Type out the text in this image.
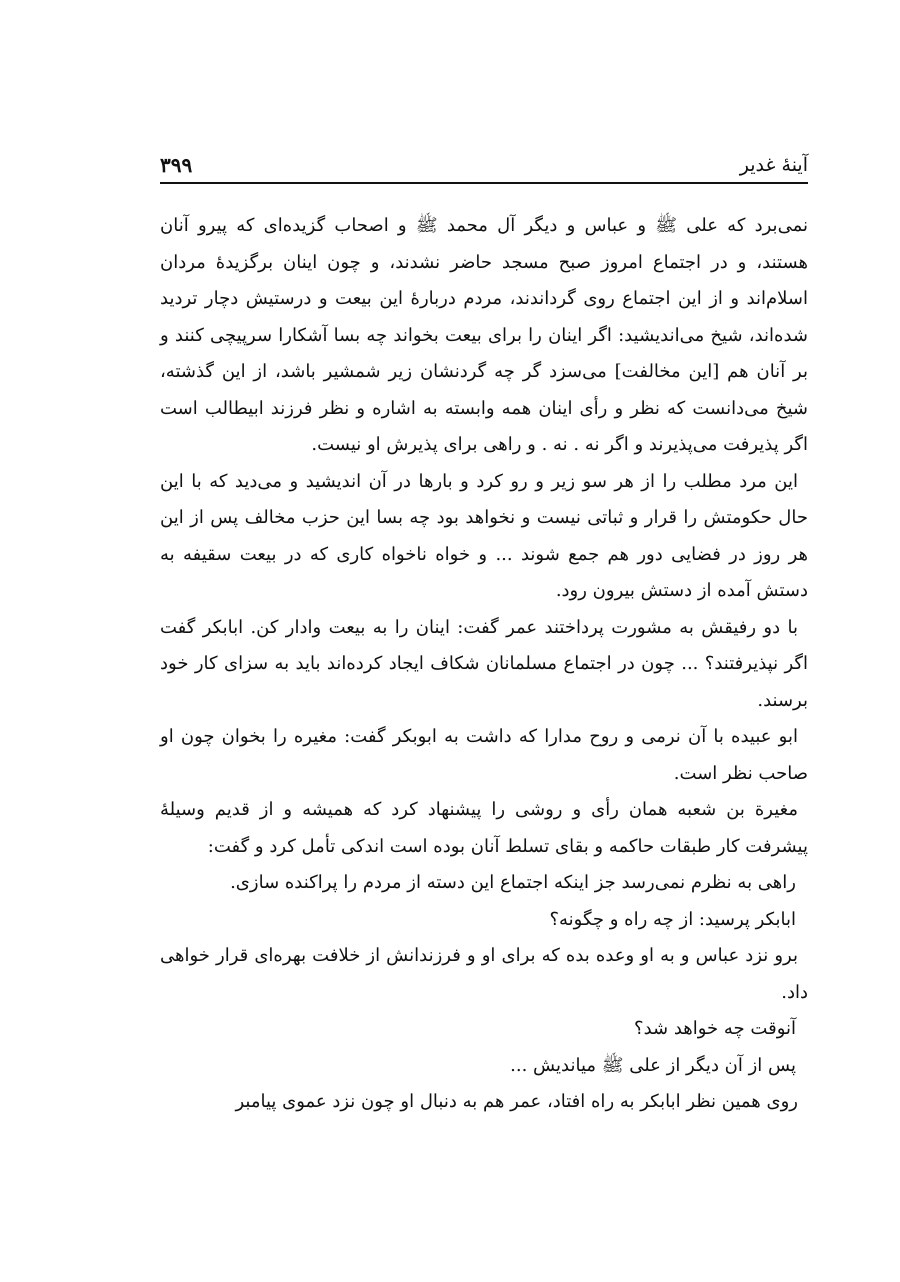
آینهٔ غدیر
۳۹۹

نمی‌برد که علی ﷺ و عباس و دیگر آل محمد ﷺ و اصحاب گزیده‌ای که پیرو آنان هستند، و در اجتماع امروز صبح مسجد حاضر نشدند، و چون اینان برگزیدهٔ مردان اسلام‌اند و از این اجتماع روی گرداندند، مردم دربارهٔ این بیعت و درستیش دچار تردید شده‌اند، شیخ می‌اندیشید: اگر اینان را برای بیعت بخواند چه بسا آشکارا سرپیچی کنند و بر آنان هم [این مخالفت] می‌سزد گر چه گردنشان زیر شمشیر باشد، از این گذشته، شیخ می‌دانست که نظر و رأی اینان همه وابسته به اشاره و نظر فرزند ابیطالب است اگر پذیرفت می‌پذیرند و اگر نه . نه . و راهی برای پذیرش او نیست.

این مرد مطلب را از هر سو زیر و رو کرد و بارها در آن اندیشید و می‌دید که با این حال حکومتش را قرار و ثباتی نیست و نخواهد بود چه بسا این حزب مخالف پس از این هر روز در فضایی دور هم جمع شوند ... و خواه ناخواه کاری که در بیعت سقیفه به دستش آمده از دستش بیرون رود.

با دو رفیقش به مشورت پرداختند عمر گفت: اینان را به بیعت وادار کن. ابابکر گفت اگر نپذیرفتند؟ ... چون در اجتماع مسلمانان شکاف ایجاد کرده‌اند باید به سزای کار خود برسند.

ابو عبیده با آن نرمی و روح مدارا که داشت به ابوبکر گفت: مغیره را بخوان چون او صاحب نظر است.

مغیرة بن شعبه همان رأی و روشی را پیشنهاد کرد که همیشه و از قدیم وسیلهٔ پیشرفت کار طبقات حاکمه و بقای تسلط آنان بوده است اندکی تأمل کرد و گفت:

راهی به نظرم نمی‌رسد جز اینکه اجتماع این دسته از مردم را پراکنده سازی.

ابابکر پرسید: از چه راه و چگونه؟

برو نزد عباس و به او وعده بده که برای او و فرزندانش از خلافت بهره‌ای قرار خواهی داد.

آنوقت چه خواهد شد؟

پس از آن دیگر از علی ﷺ میاندیش ...

روی همین نظر ابابکر به راه افتاد، عمر هم به دنبال او چون نزد عموی پیامبر
